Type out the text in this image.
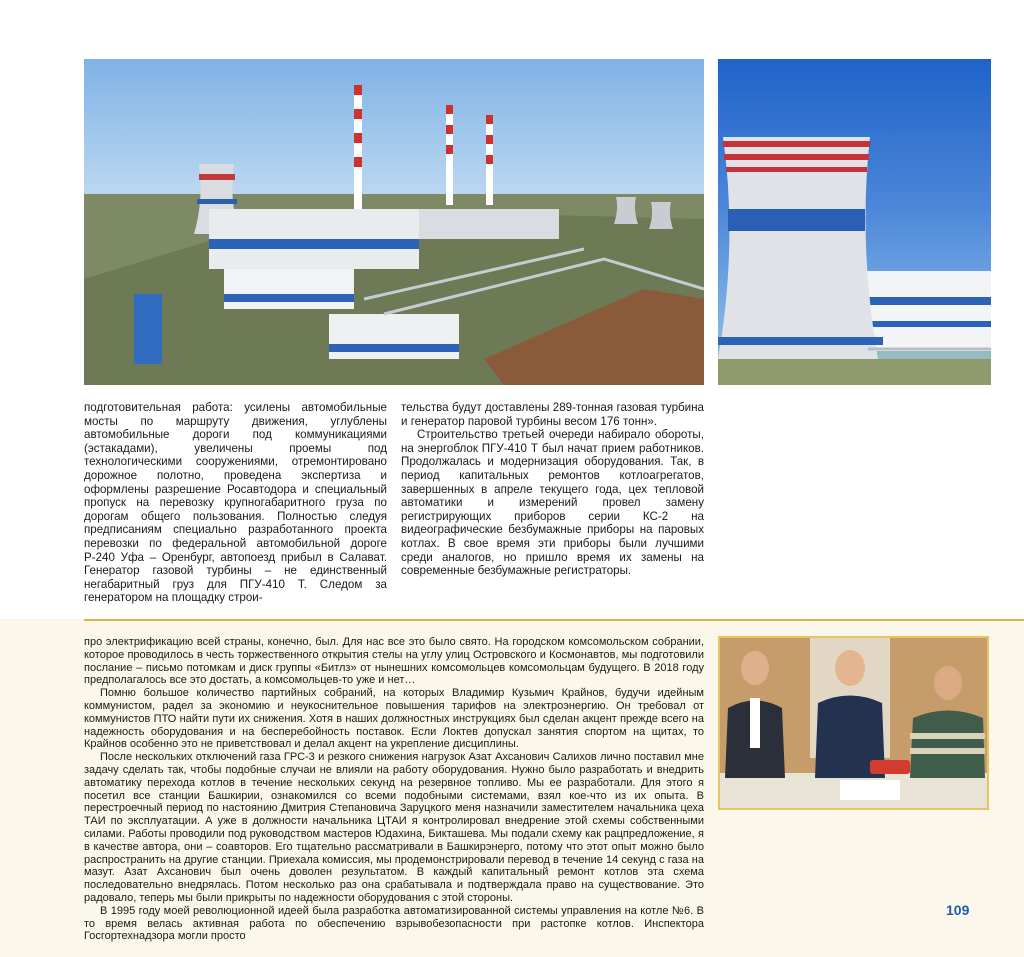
подготовительная работа: усилены автомобильные мосты по маршруту движения, углублены автомобильные дороги под коммуникациями (эстакадами), увеличены проемы под технологическими сооружениями, отремонтировано дорожное полотно, проведена экспертиза и оформлены разрешение Росавтодора и специальный пропуск на перевозку крупногабаритного груза по дорогам общего пользования. Полностью следуя предписаниям специально разработанного проекта перевозки по федеральной автомобильной дороге Р-240 Уфа – Оренбург, автопоезд прибыл в Салават. Генератор газовой турбины – не единственный негабаритный груз для ПГУ-410 Т. Следом за генератором на площадку строи-

тельства будут доставлены 289-тонная газовая турбина и генератор паровой турбины весом 176 тонн».

Строительство третьей очереди набирало обороты, на энергоблок ПГУ-410 Т был начат прием работников. Продолжалась и модернизация оборудования. Так, в период капитальных ремонтов котлоагрегатов, завершенных в апреле текущего года, цех тепловой автоматики и измерений провел замену регистрирующих приборов серии КС-2 на видеографические безбумажные приборы на паровых котлах. В свое время эти приборы были лучшими среди аналогов, но пришло время их замены на современные безбумажные регистраторы.

про электрификацию всей страны, конечно, был. Для нас все это было свято. На городском комсомольском собрании, которое проводилось в честь торжественного открытия стелы на углу улиц Островского и Космонавтов, мы подготовили послание – письмо потомкам и диск группы «Битлз» от нынешних комсомольцев комсомольцам будущего. В 2018 году предполагалось все это достать, а комсомольцев-то уже и нет…

Помню большое количество партийных собраний, на которых Владимир Кузьмич Крайнов, будучи идейным коммунистом, радел за экономию и неукоснительное повышения тарифов на электроэнергию. Он требовал от коммунистов ПТО найти пути их снижения. Хотя в наших должностных инструкциях был сделан акцент прежде всего на надежность оборудования и на бесперебойность поставок. Если Локтев допускал занятия спортом на щитах, то Крайнов особенно это не приветствовал и делал акцент на укрепление дисциплины.

После нескольких отключений газа ГРС-3 и резкого снижения нагрузок Азат Ахсанович Салихов лично поставил мне задачу сделать так, чтобы подобные случаи не влияли на работу оборудования. Нужно было разработать и внедрить автоматику перехода котлов в течение нескольких секунд на резервное топливо. Мы ее разработали. Для этого я посетил все станции Башкирии, ознакомился со всеми подобными системами, взял кое-что из их опыта. В перестроечный период по настоянию Дмитрия Степановича Заруцкого меня назначили заместителем начальника цеха ТАИ по эксплуатации. А уже в должности начальника ЦТАИ я контролировал внедрение этой схемы собственными силами. Работы проводили под руководством мастеров Юдахина, Бикташева. Мы подали схему как рацпредложение, я в качестве автора, они – соавторов. Его тщательно рассматривали в Башкирэнерго, потому что этот опыт можно было распространить на другие станции. Приехала комиссия, мы продемонстрировали перевод в течение 14 секунд с газа на мазут. Азат Ахсанович был очень доволен результатом. В каждый капитальный ремонт котлов эта схема последовательно внедрялась. Потом несколько раз она срабатывала и подтверждала право на существование. Это радовало, теперь мы были прикрыты по надежности оборудования с этой стороны.

В 1995 году моей революционной идеей была разработка автоматизированной системы управления на котле №6. В то время велась активная работа по обеспечению взрывобезопасности при растопке котлов. Инспектора Госгортехнадзора могли просто

109
